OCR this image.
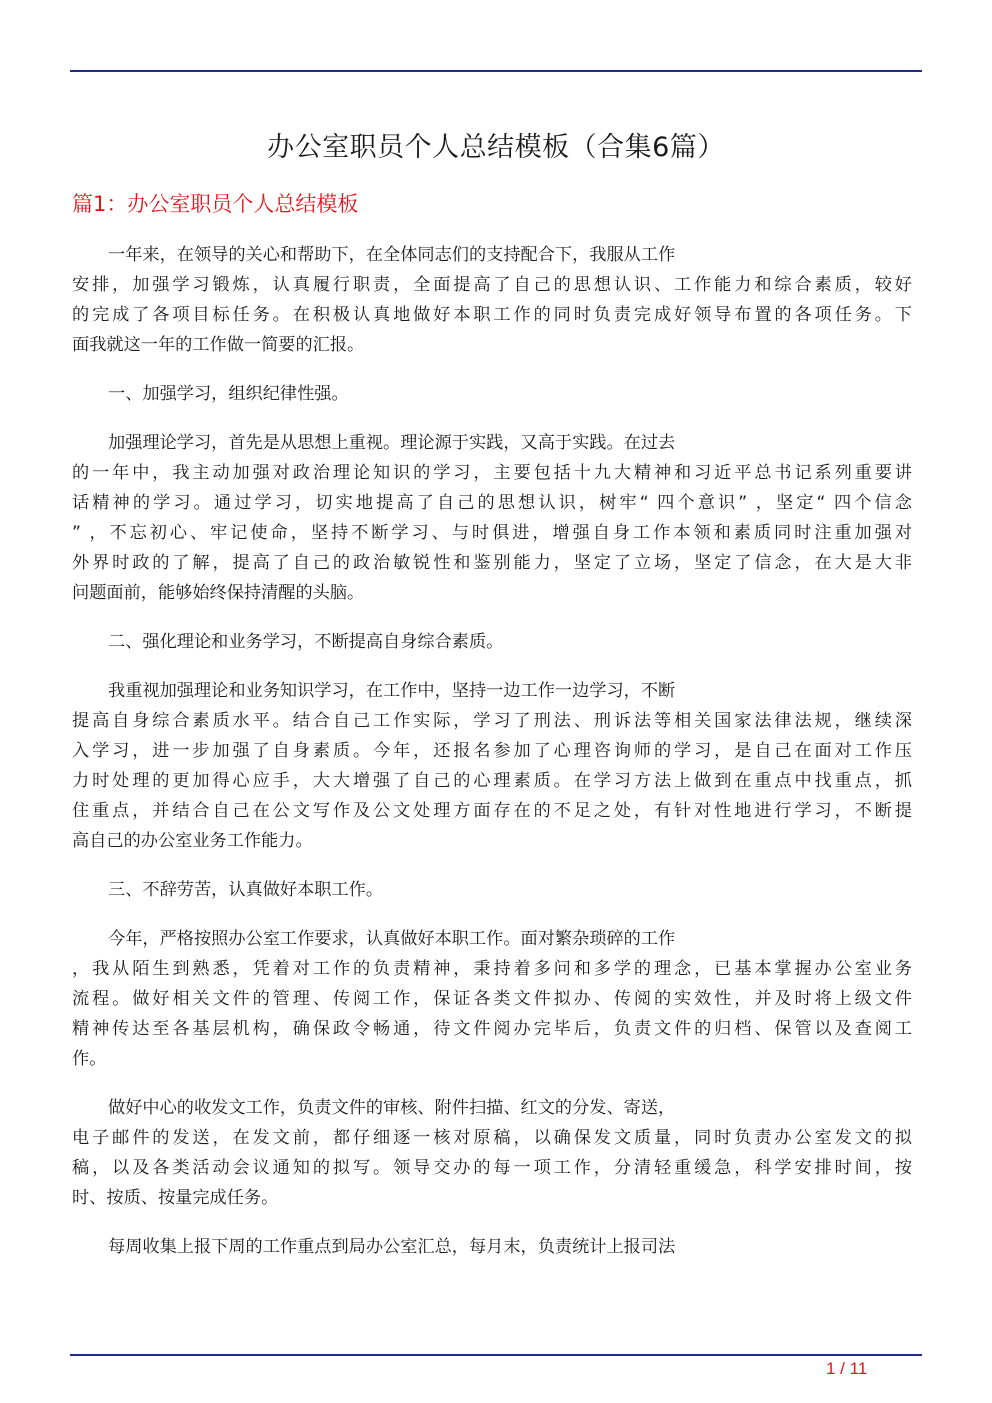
办公室职员个人总结模板（合集6篇）
篇1：办公室职员个人总结模板

一年来，在领导的关心和帮助下，在全体同志们的支持配合下，我服从工作
安排，加强学习锻炼，认真履行职责，全面提高了自己的思想认识、工作能力和综合素质，较好
的完成了各项目标任务。在积极认真地做好本职工作的同时负责完成好领导布置的各项任务。下
面我就这一年的工作做一简要的汇报。

一、加强学习，组织纪律性强。

加强理论学习，首先是从思想上重视。理论源于实践，又高于实践。在过去
的一年中，我主动加强对政治理论知识的学习，主要包括十九大精神和习近平总书记系列重要讲
话精神的学习。通过学习，切实地提高了自己的思想认识，树牢“ 四个意识” ，坚定“ 四个信念
” ，不忘初心、牢记使命，坚持不断学习、与时俱进，增强自身工作本领和素质同时注重加强对
外界时政的了解，提高了自己的政治敏锐性和鉴别能力，坚定了立场，坚定了信念，在大是大非
问题面前，能够始终保持清醒的头脑。

二、强化理论和业务学习，不断提高自身综合素质。

我重视加强理论和业务知识学习，在工作中，坚持一边工作一边学习，不断
提高自身综合素质水平。结合自己工作实际，学习了刑法、刑诉法等相关国家法律法规，继续深
入学习，进一步加强了自身素质。今年，还报名参加了心理咨询师的学习，是自己在面对工作压
力时处理的更加得心应手，大大增强了自己的心理素质。在学习方法上做到在重点中找重点，抓
住重点，并结合自己在公文写作及公文处理方面存在的不足之处，有针对性地进行学习，不断提
高自己的办公室业务工作能力。

三、不辞劳苦，认真做好本职工作。

今年，严格按照办公室工作要求，认真做好本职工作。面对繁杂琐碎的工作
，我从陌生到熟悉，凭着对工作的负责精神，秉持着多问和多学的理念，已基本掌握办公室业务
流程。做好相关文件的管理、传阅工作，保证各类文件拟办、传阅的实效性，并及时将上级文件
精神传达至各基层机构，确保政令畅通，待文件阅办完毕后，负责文件的归档、保管以及查阅工
作。

做好中心的收发文工作，负责文件的审核、附件扫描、红文的分发、寄送，
电子邮件的发送，在发文前，都仔细逐一核对原稿，以确保发文质量，同时负责办公室发文的拟
稿，以及各类活动会议通知的拟写。领导交办的每一项工作，分清轻重缓急，科学安排时间，按
时、按质、按量完成任务。

每周收集上报下周的工作重点到局办公室汇总，每月末，负责统计上报司法

1 / 11
